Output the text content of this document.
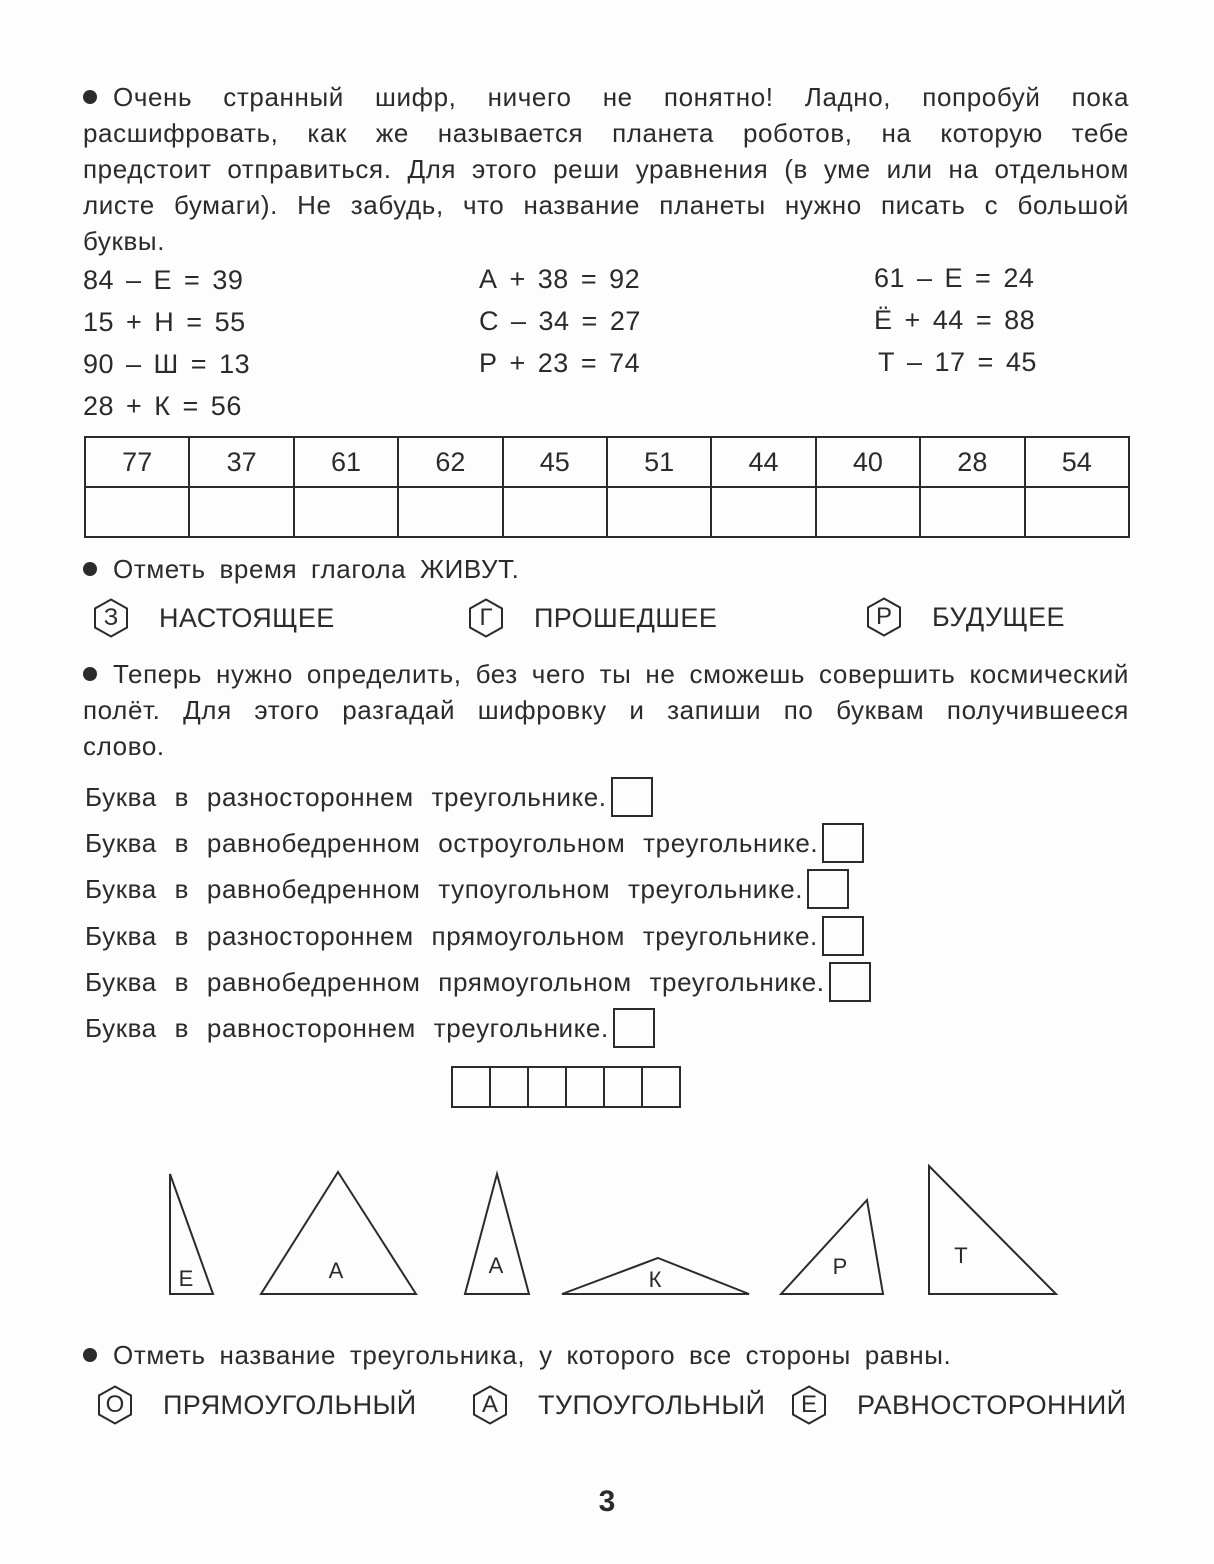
Очень странный шифр, ничего не понятно! Ладно, попробуй пока расшифровать, как же называется планета роботов, на которую тебе предстоит отправиться. Для этого реши уравнения (в уме или на отдельном листе бумаги). Не забудь, что название планеты нужно писать с большой буквы.
84 – Е = 39
15 + Н = 55
90 – Ш = 13
28 + К = 56
А + 38 = 92
С – 34 = 27
Р + 23 = 74
61 – Е = 24
Ё + 44 = 88
Т – 17 = 45
77	37	61	62	45	51	44	40	28	54

Отметь время глагола ЖИВУТ.
З НАСТОЯЩЕЕ	Г ПРОШЕДШЕЕ	Р БУДУЩЕЕ
Теперь нужно определить, без чего ты не сможешь совершить космический полёт. Для этого разгадай шифровку и запиши по буквам получившееся слово.
Буква в разностороннем треугольнике.
Буква в равнобедренном остроугольном треугольнике.
Буква в равнобедренном тупоугольном треугольнике.
Буква в разностороннем прямоугольном треугольнике.
Буква в равнобедренном прямоугольном треугольнике.
Буква в равностороннем треугольнике.
Е	А	А
К
Р	Т
Отметь название треугольника, у которого все стороны равны.
О ПРЯМОУГОЛЬНЫЙ	А ТУПОУГОЛЬНЫЙ Е РАВНОСТОРОННИЙ
3
